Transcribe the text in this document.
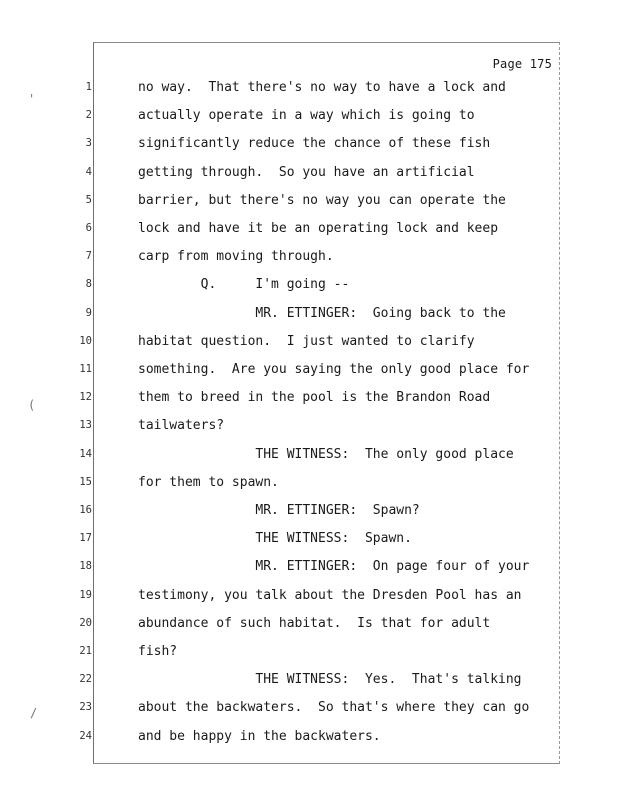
Page 175
'
(
/
1	no way.  That there's no way to have a lock and
2	actually operate in a way which is going to
3	significantly reduce the chance of these fish
4	getting through.  So you have an artificial
5	barrier, but there's no way you can operate the
6	lock and have it be an operating lock and keep
7	carp from moving through.
8	Q.     I'm going --
9	MR. ETTINGER:  Going back to the
10	habitat question.  I just wanted to clarify
11	something.  Are you saying the only good place for
12	them to breed in the pool is the Brandon Road
13	tailwaters?
14	THE WITNESS:  The only good place
15	for them to spawn.
16	MR. ETTINGER:  Spawn?
17	THE WITNESS:  Spawn.
18	MR. ETTINGER:  On page four of your
19	testimony, you talk about the Dresden Pool has an
20	abundance of such habitat.  Is that for adult
21	fish?
22	THE WITNESS:  Yes.  That's talking
23	about the backwaters.  So that's where they can go
24	and be happy in the backwaters.
